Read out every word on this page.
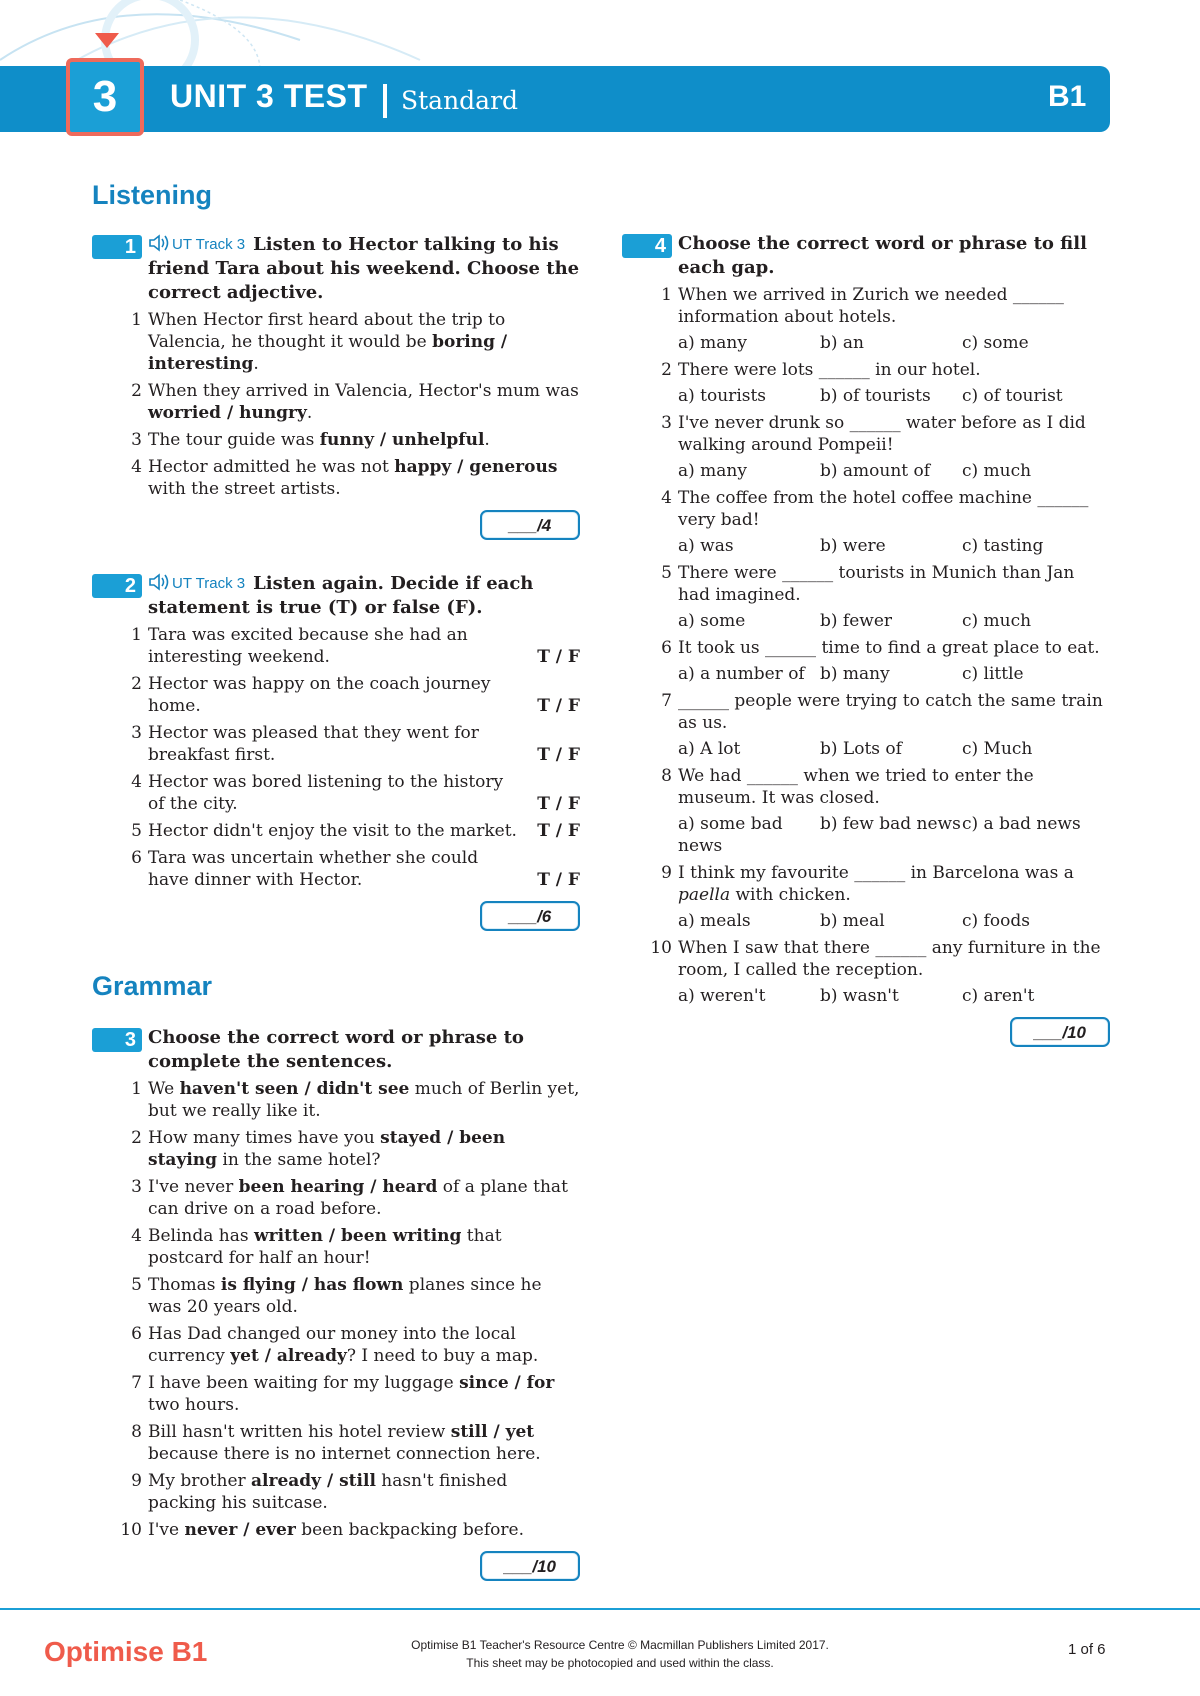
3	UNIT 3 TEST Standard	B1
Listening
Grammar
1	UT Track 3 Listen to Hector talking to his friend Tara about his weekend. Choose the correct adjective.
1 When Hector first heard about the trip to Valencia, he thought it would be boring / interesting.
2 When they arrived in Valencia, Hector's mum was worried / hungry.
3 The tour guide was funny / unhelpful.
4 Hector admitted he was not happy / generous with the street artists.
___/4
2	UT Track 3 Listen again. Decide if each statement is true (T) or false (F).
1 Tara was excited because she had an interesting weekend.	T / F
2 Hector was happy on the coach journey home.	T / F
3 Hector was pleased that they went for breakfast first.	T / F
4 Hector was bored listening to the history of the city.	T / F
5 Hector didn't enjoy the visit to the market. T / F
6 Tara was uncertain whether she could have dinner with Hector.	T / F
___/6
3 Choose the correct word or phrase to complete the sentences.
1 We haven't seen / didn't see much of Berlin yet, but we really like it.
2 How many times have you stayed / been staying in the same hotel?
3 I've never been hearing / heard of a plane that can drive on a road before.
4 Belinda has written / been writing that postcard for half an hour!
5 Thomas is flying / has flown planes since he was 20 years old.
6 Has Dad changed our money into the local currency yet / already? I need to buy a map.
7 I have been waiting for my luggage since / for two hours.
8 Bill hasn't written his hotel review still / yet because there is no internet connection here.
9 My brother already / still hasn't finished packing his suitcase.
10 I've never / ever been backpacking before.
___/10
4 Choose the correct word or phrase to fill each gap.
1 When we arrived in Zurich we needed ______ information about hotels.
a) many	b) an	c) some
2 There were lots ______ in our hotel.
a) tourists	b) of tourists	c) of tourist
3 I've never drunk so ______ water before as I did walking around Pompeii!
a) many	b) amount of	c) much
4 The coffee from the hotel coffee machine ______ very bad!
a) was	b) were	c) tasting
5 There were ______ tourists in Munich than Jan had imagined.
a) some	b) fewer	c) much
6 It took us ______ time to find a great place to eat.
a) a number of b) many	c) little
7 ______ people were trying to catch the same train as us.
a) A lot	b) Lots of	c) Much
8 We had ______ when we tried to enter the museum. It was closed.
a) some bad news
b) few bad news c) a bad news
9 I think my favourite ______ in Barcelona was a paella with chicken.
a) meals	b) meal	c) foods
10 When I saw that there ______ any furniture in the room, I called the reception.
a) weren't	b) wasn't	c) aren't
___/10
Optimise B1	Optimise B1 Teacher's Resource Centre © Macmillan Publishers Limited 2017.
This sheet may be photocopied and used within the class.
1 of 6
